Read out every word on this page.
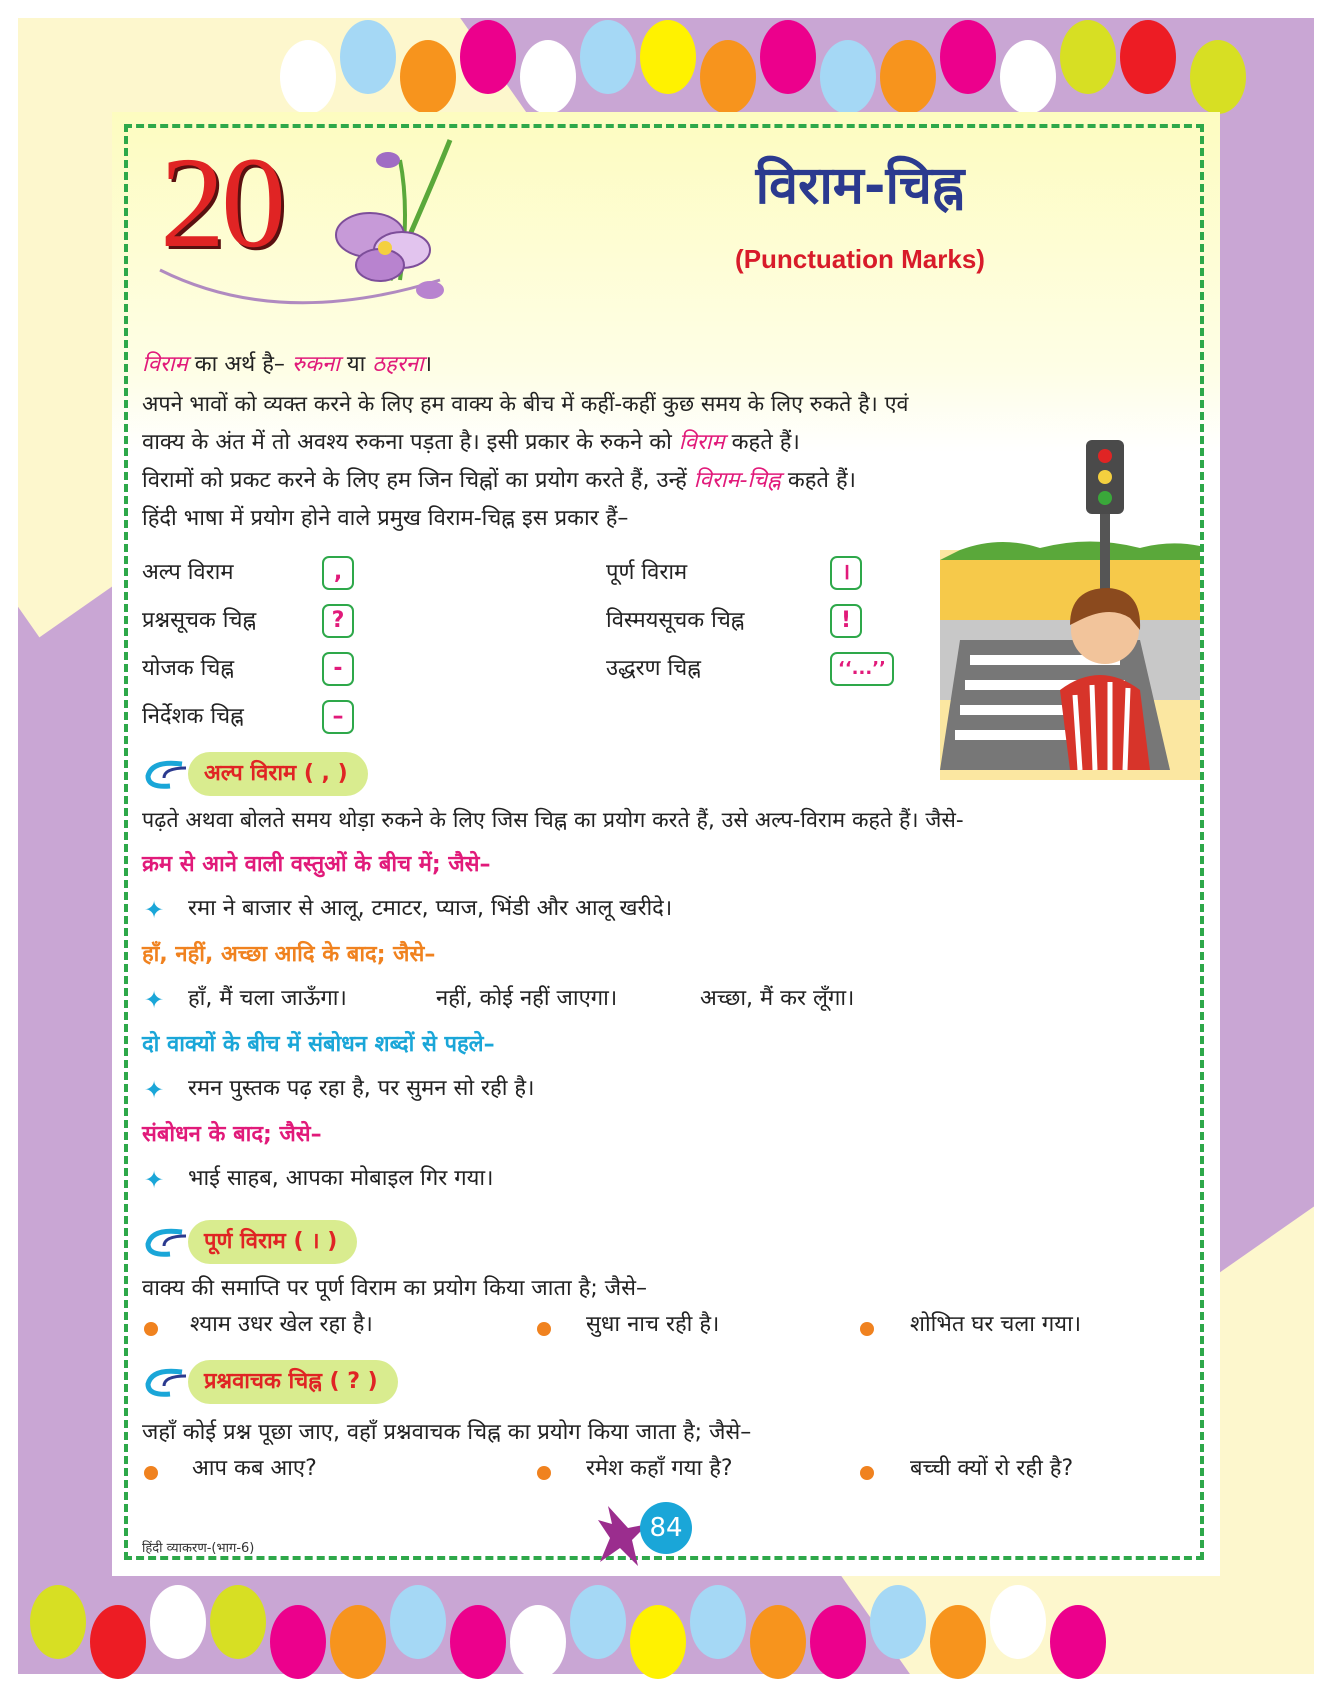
20	विराम-चिह्न
(Punctuation Marks)
विराम का अर्थ है– रुकना या ठहरना।
अपने भावों को व्यक्त करने के लिए हम वाक्य के बीच में कहीं-कहीं कुछ समय के लिए रुकते है। एवं
वाक्य के अंत में तो अवश्य रुकना पड़ता है। इसी प्रकार के रुकने को विराम कहते हैं।
विरामों को प्रकट करने के लिए हम जिन चिह्नों का प्रयोग करते हैं, उन्हें विराम-चिह्न कहते हैं।
हिंदी भाषा में प्रयोग होने वाले प्रमुख विराम-चिह्न इस प्रकार हैं–
अल्प विराम	,	पूर्ण विराम	।
प्रश्नसूचक चिह्न	?	विस्मयसूचक चिह्न	!
योजक चिह्न	-	उद्धरण चिह्न	‘‘...’’
निर्देशक चिह्न	–
अल्प विराम ( , )
पढ़ते अथवा बोलते समय थोड़ा रुकने के लिए जिस चिह्न का प्रयोग करते हैं, उसे अल्प-विराम कहते हैं। जैसे-
क्रम से आने वाली वस्तुओं के बीच में; जैसे–
✦ रमा ने बाजार से आलू, टमाटर, प्याज, भिंडी और आलू खरीदे।
हाँ, नहीं, अच्छा आदि के बाद; जैसे–
✦ हाँ, मैं चला जाऊँगा।	नहीं, कोई नहीं जाएगा।	अच्छा, मैं कर लूँगा।
दो वाक्यों के बीच में संबोधन शब्दों से पहले–
✦ रमन पुस्तक पढ़ रहा है, पर सुमन सो रही है।
संबोधन के बाद; जैसे–
✦ भाई साहब, आपका मोबाइल गिर गया।
पूर्ण विराम ( । )
वाक्य की समाप्ति पर पूर्ण विराम का प्रयोग किया जाता है; जैसे–
श्याम उधर खेल रहा है।	सुधा नाच रही है।	शोभित घर चला गया।
प्रश्नवाचक चिह्न ( ? )
जहाँ कोई प्रश्न पूछा जाए, वहाँ प्रश्नवाचक चिह्न का प्रयोग किया जाता है; जैसे–
आप कब आए?	रमेश कहाँ गया है?	बच्ची क्यों रो रही है?
84
हिंदी व्याकरण-(भाग-6)
